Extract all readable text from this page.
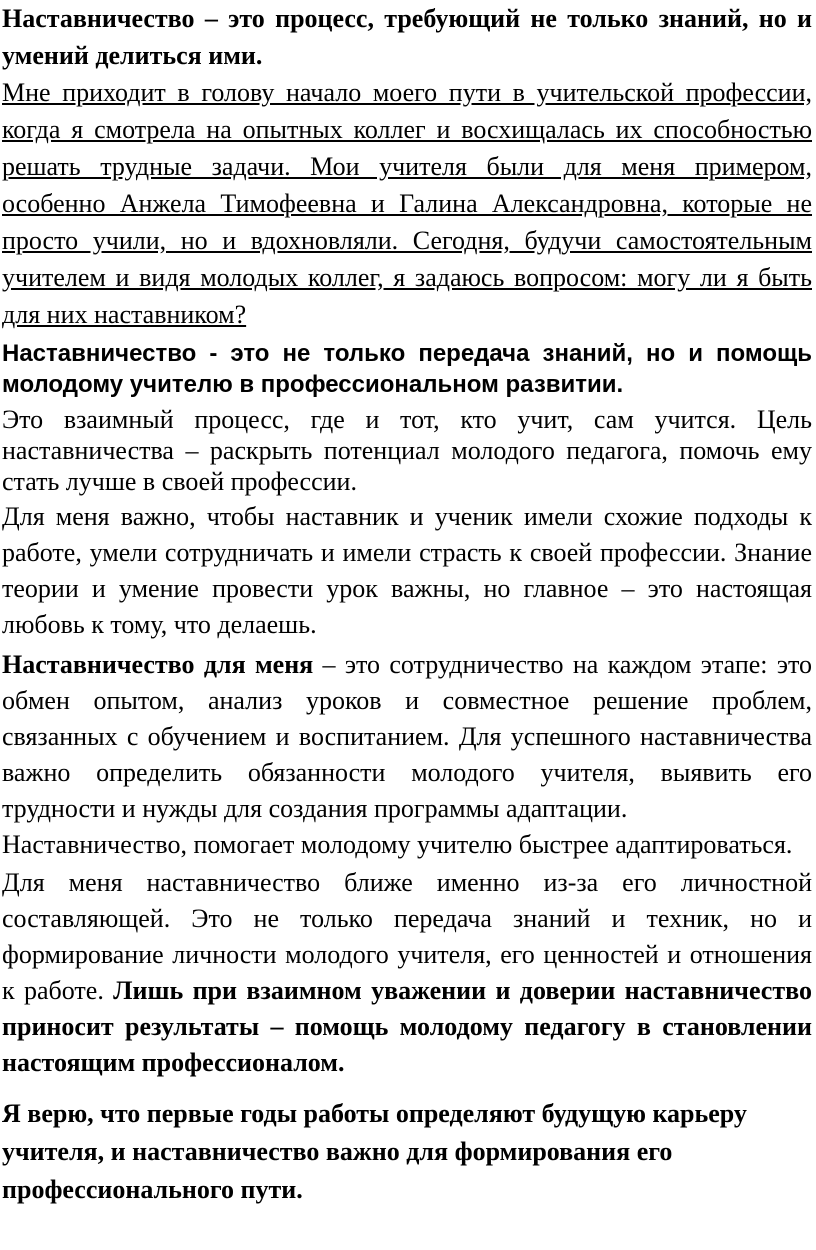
Наставничество – это процесс, требующий не только знаний, но и умений делиться ими.

Мне приходит в голову начало моего пути в учительской профессии, когда я смотрела на опытных коллег и восхищалась их способностью решать трудные задачи. Мои учителя были для меня примером, особенно Анжела Тимофеевна и Галина Александровна, которые не просто учили, но и вдохновляли. Сегодня, будучи самостоятельным учителем и видя молодых коллег, я задаюсь вопросом: могу ли я быть для них наставником?

Наставничество - это не только передача знаний, но и помощь молодому учителю в профессиональном развитии.

Это взаимный процесс, где и тот, кто учит, сам учится. Цель наставничества – раскрыть потенциал молодого педагога, помочь ему стать лучше в своей профессии.

Для меня важно, чтобы наставник и ученик имели схожие подходы к работе, умели сотрудничать и имели страсть к своей профессии. Знание теории и умение провести урок важны, но главное – это настоящая любовь к тому, что делаешь.

Наставничество для меня – это сотрудничество на каждом этапе: это обмен опытом, анализ уроков и совместное решение проблем, связанных с обучением и воспитанием. Для успешного наставничества важно определить обязанности молодого учителя, выявить его трудности и нужды для создания программы адаптации.

Наставничество, помогает молодому учителю быстрее адаптироваться.

Для меня наставничество ближе именно из-за его личностной составляющей. Это не только передача знаний и техник, но и формирование личности молодого учителя, его ценностей и отношения к работе. Лишь при взаимном уважении и доверии наставничество приносит результаты – помощь молодому педагогу в становлении настоящим профессионалом.

Я верю, что первые годы работы определяют будущую карьеру учителя, и наставничество важно для формирования его профессионального пути.
